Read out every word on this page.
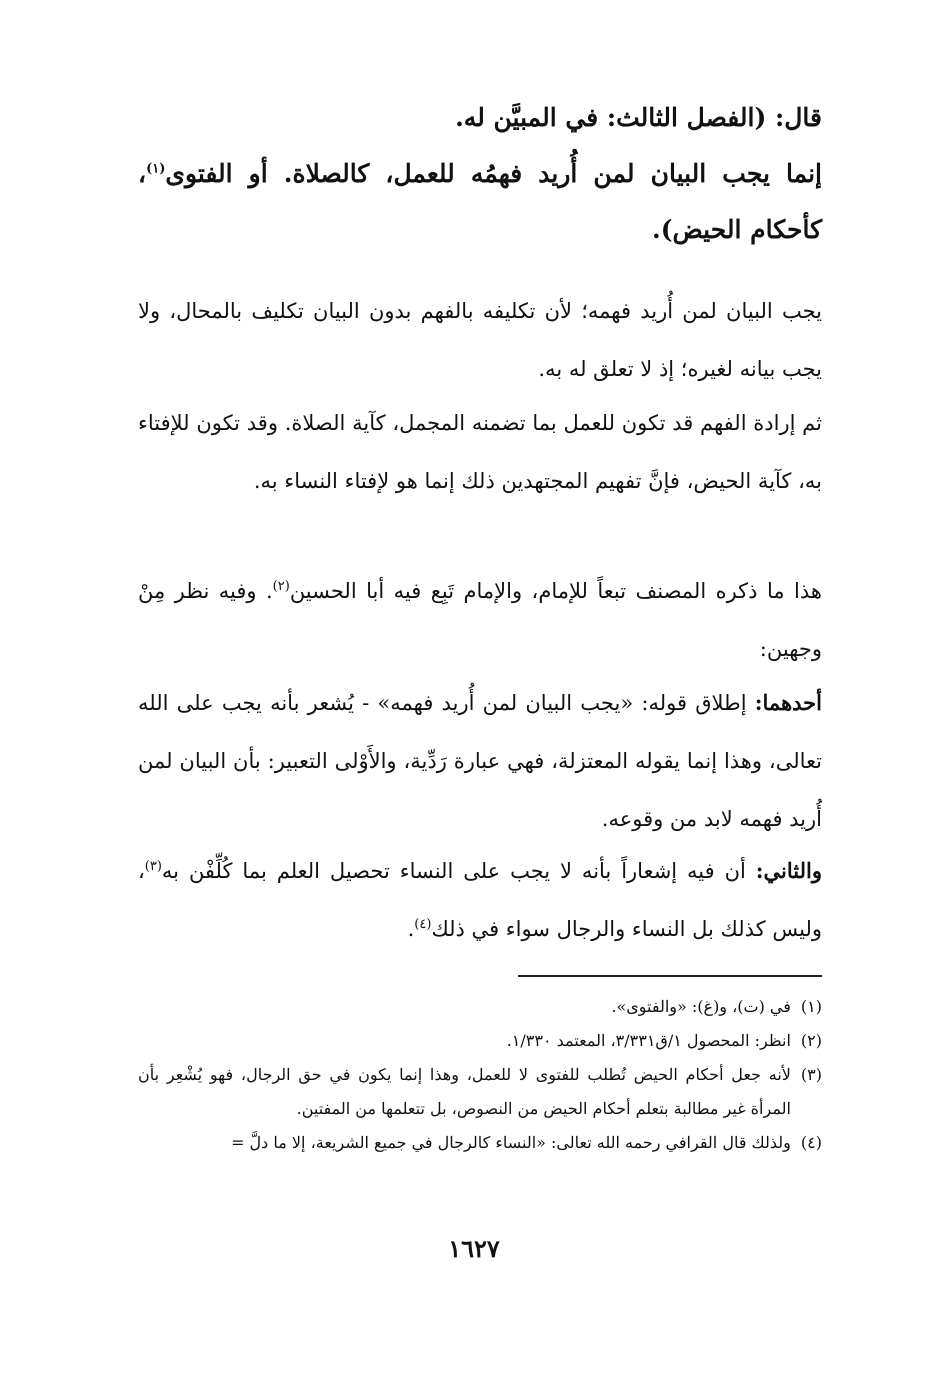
قال: (الفصل الثالث: في المبيَّن له.
إنما يجب البيان لمن أُريد فهمُه للعمل، كالصلاة. أو الفتوى$^{(١)}$، كأحكام الحيض).
يجب البيان لمن أُريد فهمه؛ لأن تكليفه بالفهم بدون البيان تكليف بالمحال، ولا يجب بيانه لغيره؛ إذ لا تعلق له به.
ثم إرادة الفهم قد تكون للعمل بما تضمنه المجمل، كآية الصلاة. وقد تكون للإفتاء به، كآية الحيض، فإنَّ تفهيم المجتهدين ذلك إنما هو لإفتاء النساء به.
هذا ما ذكره المصنف تبعاً للإمام، والإمام تَبِع فيه أبا الحسين$^{(٢)}$. وفيه نظر مِنْ وجهين:
أحدهما: إطلاق قوله: «يجب البيان لمن أُريد فهمه» - يُشعر بأنه يجب على الله تعالى، وهذا إنما يقوله المعتزلة، فهي عبارة رَدِّية، والأَوْلى التعبير: بأن البيان لمن أُريد فهمه لابد من وقوعه.
والثاني: أن فيه إشعاراً بأنه لا يجب على النساء تحصيل العلم بما كُلِّفْن به$^{(٣)}$، وليس كذلك بل النساء والرجال سواء في ذلك$^{(٤)}$.
(١)
في (ت)، و(غ): «والفتوى».
(٢)
انظر: المحصول ١/ق٣/٣٣١، المعتمد ١/٣٣٠.
(٣)
لأنه جعل أحكام الحيض تُطلب للفتوى لا للعمل، وهذا إنما يكون في حق الرجال، فهو يُشْعِر بأن المرأة غير مطالبة بتعلم أحكام الحيض من النصوص، بل تتعلمها من المفتين.
(٤)
ولذلك قال القرافي رحمه الله تعالى: «النساء كالرجال في جميع الشريعة، إلا ما دلَّ =
١٦٢٧
